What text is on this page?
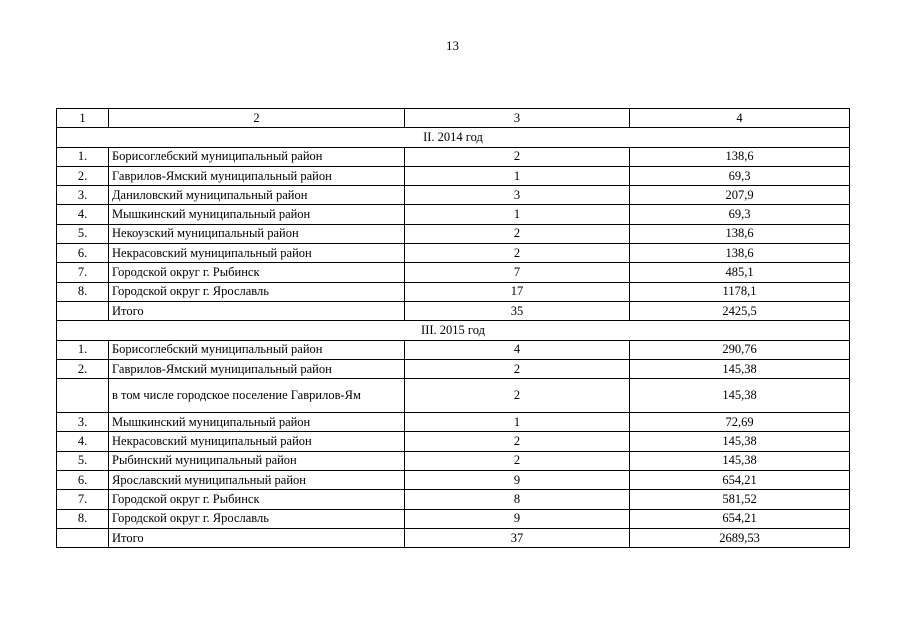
13
1	2	3	4
II. 2014 год			
1.	Борисоглебский муниципальный район	2	138,6
2.	Гаврилов-Ямский муниципальный район	1	69,3
3.	Даниловский муниципальный район	3	207,9
4.	Мышкинский муниципальный район	1	69,3
5.	Некоузский муниципальный район	2	138,6
6.	Некрасовский муниципальный район	2	138,6
7.	Городской округ г. Рыбинск	7	485,1
8.	Городской округ г. Ярославль	17	1178,1
	Итого	35	2425,5
III. 2015 год			
1.	Борисоглебский муниципальный район	4	290,76
2.	Гаврилов-Ямский муниципальный район	2	145,38
	в том числе городское поселение Гаврилов-Ям	2	145,38
3.	Мышкинский муниципальный район	1	72,69
4.	Некрасовский муниципальный район	2	145,38
5.	Рыбинский муниципальный район	2	145,38
6.	Ярославский муниципальный район	9	654,21
7.	Городской округ г. Рыбинск	8	581,52
8.	Городской округ г. Ярославль	9	654,21
	Итого	37	2689,53
